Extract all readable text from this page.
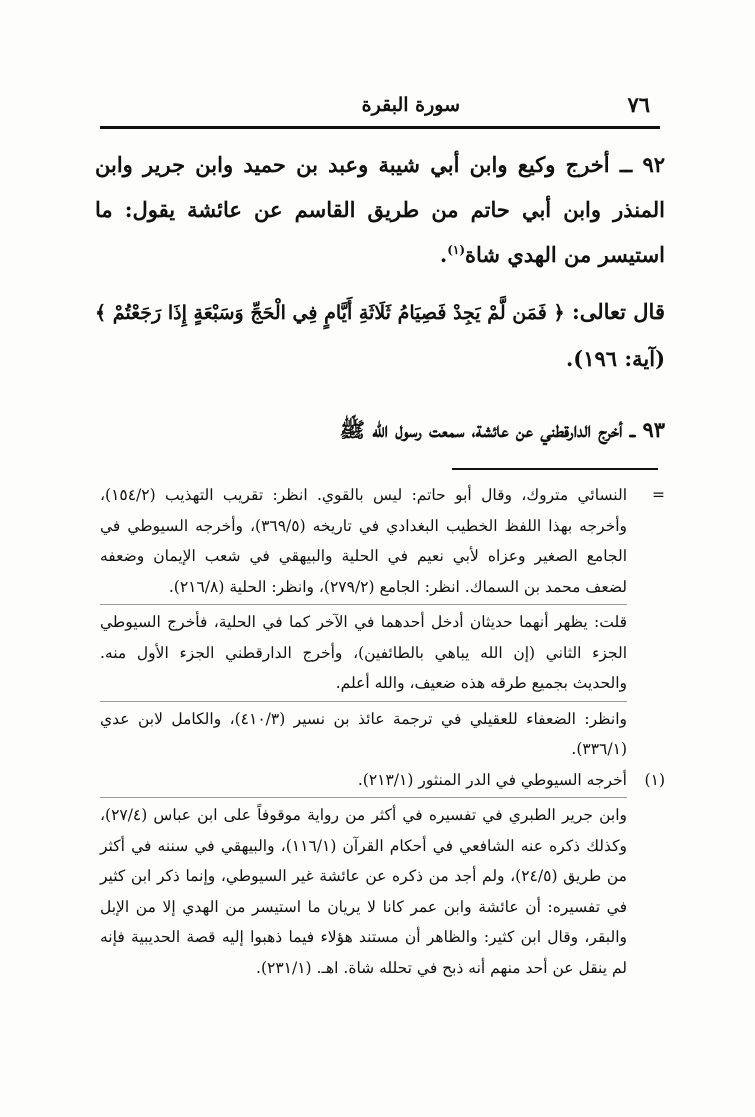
٧٦
سورة البقرة

٩٢ ــ أخرج وكيع وابن أبي شيبة وعبد بن حميد وابن جرير وابن المنذر وابن أبي حاتم من طريق القاسم عن عائشة يقول: ما استيسر من الهدي شاة$^{(١)}$.

قال تعالى: ﴿ فَمَن لَّمْ يَجِدْ فَصِيَامُ ثَلَاثَةِ أَيَّامٍ فِي الْحَجِّ وَسَبْعَةٍ إِذَا رَجَعْتُمْ ﴾ (آية: ١٩٦).

٩٣ ــ أخرج الدارقطني عن عائشة، سمعت رسول الله ﷺ

=

النسائي متروك، وقال أبو حاتم: ليس بالقوي. انظر: تقريب التهذيب (١٥٤/٢)، وأخرجه بهذا اللفظ الخطيب البغدادي في تاريخه (٣٦٩/٥)، وأخرجه السيوطي في الجامع الصغير وعزاه لأبي نعيم في الحلية والبيهقي في شعب الإيمان وضعفه لضعف محمد بن السماك. انظر: الجامع (٢٧٩/٢)، وانظر: الحلية (٢١٦/٨).

قلت: يظهر أنهما حديثان أدخل أحدهما في الآخر كما في الحلية، فأخرج السيوطي الجزء الثاني (إن الله يباهي بالطائفين)، وأخرج الدارقطني الجزء الأول منه. والحديث بجميع طرقه هذه ضعيف، والله أعلم.

وانظر: الضعفاء للعقيلي في ترجمة عائذ بن نسير (٤١٠/٣)، والكامل لابن عدي (٣٣٦/١).

(١)

أخرجه السيوطي في الدر المنثور (٢١٣/١).

وابن جرير الطبري في تفسيره في أكثر من رواية موقوفاً على ابن عباس (٢٧/٤)، وكذلك ذكره عنه الشافعي في أحكام القرآن (١١٦/١)، والبيهقي في سننه في أكثر من طريق (٢٤/٥)، ولم أجد من ذكره عن عائشة غير السيوطي، وإنما ذكر ابن كثير في تفسيره: أن عائشة وابن عمر كانا لا يريان ما استيسر من الهدي إلا من الإبل والبقر، وقال ابن كثير: والظاهر أن مستند هؤلاء فيما ذهبوا إليه قصة الحديبية فإنه لم ينقل عن أحد منهم أنه ذبح في تحلله شاة. اهـ. (٢٣١/١).
